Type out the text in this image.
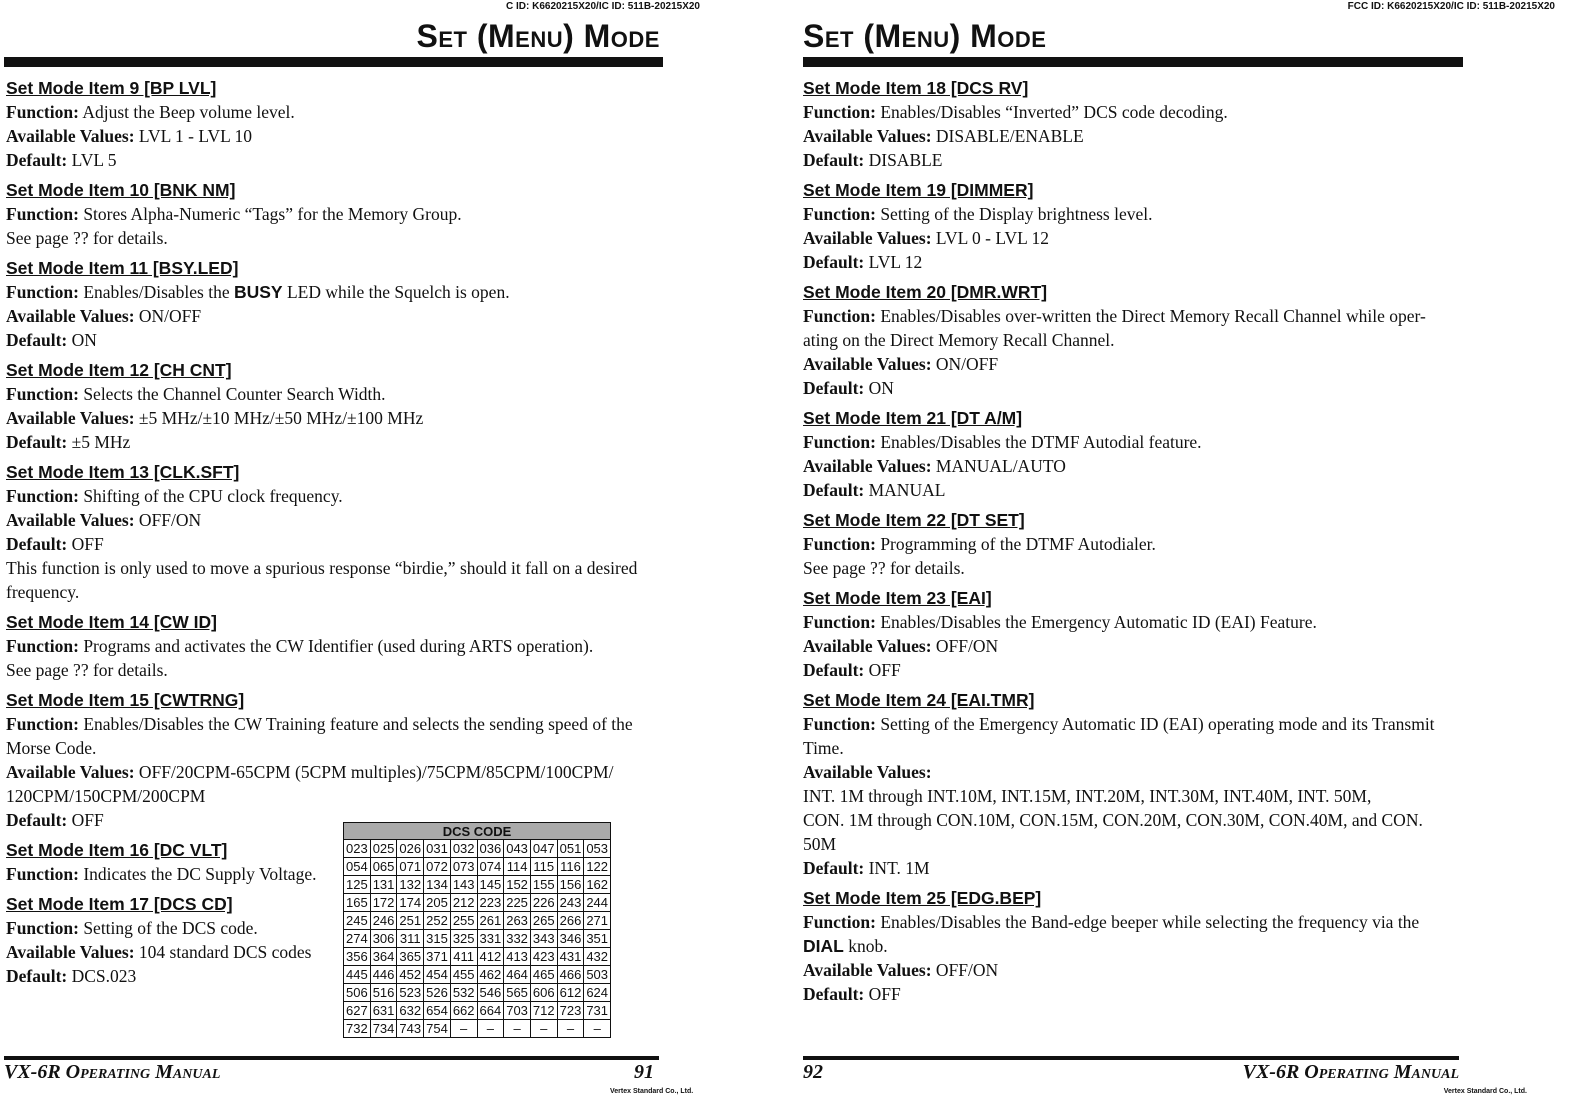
C ID: K6620215X20/IC ID: 511B-20215X20
Set (Menu) Mode
Set Mode Item 9 [BP LVL]
Function: Adjust the Beep volume level.
Available Values: LVL 1 - LVL 10
Default: LVL 5
Set Mode Item 10 [BNK NM]
Function: Stores Alpha-Numeric “Tags” for the Memory Group.
See page ?? for details.
Set Mode Item 11 [BSY.LED]
Function: Enables/Disables the BUSY LED while the Squelch is open.
Available Values: ON/OFF
Default: ON
Set Mode Item 12 [CH CNT]
Function: Selects the Channel Counter Search Width.
Available Values: ±5 MHz/±10 MHz/±50 MHz/±100 MHz
Default: ±5 MHz
Set Mode Item 13 [CLK.SFT]
Function: Shifting of the CPU clock frequency.
Available Values: OFF/ON
Default: OFF
This function is only used to move a spurious response “birdie,” should it fall on a desired
frequency.
Set Mode Item 14 [CW ID]
Function: Programs and activates the CW Identifier (used during ARTS operation).
See page ?? for details.
Set Mode Item 15 [CWTRNG]
Function: Enables/Disables the CW Training feature and selects the sending speed of the
Morse Code.
Available Values: OFF/20CPM-65CPM (5CPM multiples)/75CPM/85CPM/100CPM/
120CPM/150CPM/200CPM
Default: OFF
Set Mode Item 16 [DC VLT]
Function: Indicates the DC Supply Voltage.
Set Mode Item 17 [DCS CD]
Function: Setting of the DCS code.
Available Values: 104 standard DCS codes
Default: DCS.023
DCS CODE									
023	025	026	031	032	036	043	047	051	053
054	065	071	072	073	074	114	115	116	122
125	131	132	134	143	145	152	155	156	162
165	172	174	205	212	223	225	226	243	244
245	246	251	252	255	261	263	265	266	271
274	306	311	315	325	331	332	343	346	351
356	364	365	371	411	412	413	423	431	432
445	446	452	454	455	462	464	465	466	503
506	516	523	526	532	546	565	606	612	624
627	631	632	654	662	664	703	712	723	731
732	734	743	754	–	–	–	–	–	–
VX-6R Operating Manual	91
Vertex Standard Co., Ltd.
FCC ID: K6620215X20/IC ID: 511B-20215X20
Set (Menu) Mode
Set Mode Item 18 [DCS RV]
Function: Enables/Disables “Inverted” DCS code decoding.
Available Values: DISABLE/ENABLE
Default: DISABLE
Set Mode Item 19 [DIMMER]
Function: Setting of the Display brightness level.
Available Values: LVL 0 - LVL 12
Default: LVL 12
Set Mode Item 20 [DMR.WRT]
Function: Enables/Disables over-written the Direct Memory Recall Channel while oper-
ating on the Direct Memory Recall Channel.
Available Values: ON/OFF
Default: ON
Set Mode Item 21 [DT A/M]
Function: Enables/Disables the DTMF Autodial feature.
Available Values: MANUAL/AUTO
Default: MANUAL
Set Mode Item 22 [DT SET]
Function: Programming of the DTMF Autodialer.
See page ?? for details.
Set Mode Item 23 [EAI]
Function: Enables/Disables the Emergency Automatic ID (EAI) Feature.
Available Values: OFF/ON
Default: OFF
Set Mode Item 24 [EAI.TMR]
Function: Setting of the Emergency Automatic ID (EAI) operating mode and its Transmit
Time.
Available Values:
INT. 1M through INT.10M, INT.15M, INT.20M, INT.30M, INT.40M, INT. 50M,
CON. 1M through CON.10M, CON.15M, CON.20M, CON.30M, CON.40M, and CON.
50M
Default: INT. 1M
Set Mode Item 25 [EDG.BEP]
Function: Enables/Disables the Band-edge beeper while selecting the frequency via the
DIAL knob.
Available Values: OFF/ON
Default: OFF
92	VX-6R Operating Manual
Vertex Standard Co., Ltd.
